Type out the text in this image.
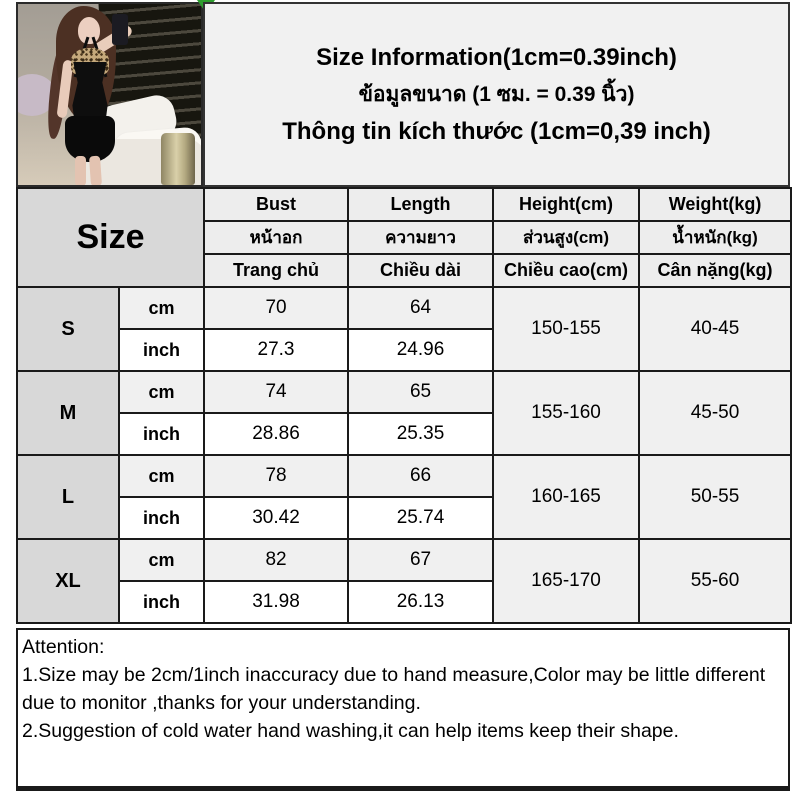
Size Information(1cm=0.39inch)
ข้อมูลขนาด (1 ซม. = 0.39 นิ้ว)
Thông tin kích thước (1cm=0,39 inch)
Size		Bust	Length	Height(cm)	Weight(kg)
		หน้าอก	ความยาว	ส่วนสูง(cm)	น้ำหนัก(kg)
		Trang chủ	Chiều dài	Chiều cao(cm)	Cân nặng(kg)
S	cm	70	64	150-155	40-45
	inch	27.3	24.96		
M	cm	74	65	155-160	45-50
	inch	28.86	25.35		
L	cm	78	66	160-165	50-55
	inch	30.42	25.74		
XL	cm	82	67	165-170	55-60
	inch	31.98	26.13		

Attention:

1.Size may be 2cm/1inch inaccuracy due to hand measure,Color may be little different due to monitor ,thanks for your understanding.

2.Suggestion of cold water hand washing,it can help items keep their shape.
